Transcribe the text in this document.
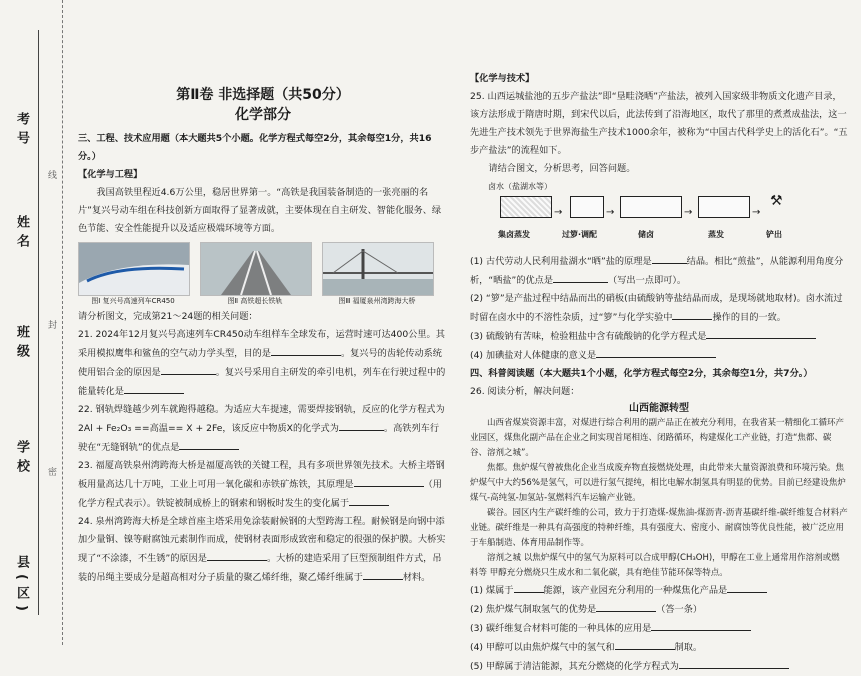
考号
姓名
班级
学校
县(区)
线
封
密
第Ⅱ卷 非选择题（共50分）
化学部分
三、工程、技术应用题（本大题共5个小题。化学方程式每空2分，其余每空1分，共16分。）
【化学与工程】
我国高铁里程近4.6万公里，稳居世界第一。“高铁是我国装备制造的一张亮丽的名片”复兴号动车组在科技创新方面取得了显著成就，主要体现在自主研发、智能化服务、绿色节能、安全性能提升以及适应极端环境等方面。
图Ⅰ 复兴号高速列车CR450	图Ⅱ 高铁超长铁轨	图Ⅲ 福厦泉州湾跨海大桥
请分析图文，完成第21～24题的相关问题：
21. 2024年12月复兴号高速列车CR450动车组样车全球发布，运营时速可达400公里。其采用模拟鹰隼和鲨鱼的空气动力学头型，目的是	。复兴号的齿轮传动系统使用铝合金的原因是	。复兴号采用自主研发的牵引电机，列车在行驶过程中的能量转化是
22. 钢轨焊缝越少列车就跑得越稳。为适应大车提速，需要焊接钢轨，反应的化学方程式为2Al + Fe₂O₃ ==高温== X + 2Fe，该反应中物质X的化学式为	。高铁列车行驶在“无缝钢轨”的优点是
23. 福厦高铁泉州湾跨海大桥是福厦高铁的关键工程，具有多项世界领先技术。大桥主塔钢板用量高达几十万吨，工业上可用一氧化碳和赤铁矿炼铁，其原理是	（用化学方程式表示）。铁锭被制成桥上的钢索和钢板时发生的变化属于
24. 泉州湾跨海大桥是全球首座主塔采用免涂装耐候钢的大型跨海工程。耐候钢是向钢中添加少量铜、镍等耐腐蚀元素制作而成，使钢材表面形成致密和稳定的很强的保护膜。大桥实现了“不涂漆，不生锈”的原因是	。大桥的建造采用了巨型预制组件方式，吊装的吊绳主要成分是超高相对分子质量的聚乙烯纤维，聚乙烯纤维属于	材料。
【化学与技术】
25. 山西运城盐池的五步产盐法”即“垦畦浇晒”产盐法，被列入国家级非物质文化遗产目录，该方法形成于隋唐时期，到宋代以后，此法传到了沿海地区，取代了那里的煮煮成盐法，这一先进生产技术领先于世界海盐生产技术1000余年，被称为“中国古代科学史上的活化石”。“五步产盐法”的流程如下。
请结合图文，分析思考，回答问题。
卤水（盐湖水等）
→	→	→	→
⚒
集卤蒸发	过箩·调配	储卤	蒸发	铲出
(1) 古代劳动人民利用盐湖水“晒”盐的原理是	结晶。相比“煎盐”，从能源利用角度分析，“晒盐”的优点是	（写出一点即可）。
(2) “箩”是产盐过程中结晶而出的硝板(由硫酸钠等盐结晶而成，是现场就地取材)。卤水流过时留在卤水中的不溶性杂质，过“箩”与化学实验中	操作的目的一致。
(3) 硫酸钠有苦味，检验粗盐中含有硫酸钠的化学方程式是
(4) 加碘盐对人体健康的意义是
四、科普阅读题（本大题共1个小题，化学方程式每空2分，其余每空1分，共7分。）
26. 阅读分析，解决问题：
山西能源转型
山西省煤炭资源丰富，对煤进行综合利用的副产品正在被充分利用，在我省某一精细化工循环产业园区，煤焦化副产品在企业之间实现首尾相连、闭路循环，构建煤化工产业链，打造“焦都、碳谷、溶剂之城”。
焦都。焦炉煤气曾被焦化企业当成废弃物直接燃烧处理，由此带来大量资源浪费和环境污染。焦炉煤气中大约56%是氢气，可以进行氢气提纯，相比电解水制氢具有明显的优势。目前已经建设焦炉煤气-高纯氢-加氢站-氢燃料汽车运输产业链。
碳谷。园区内生产碳纤维的公司，致力于打造煤-煤焦油-煤沥青-沥青基碳纤维-碳纤维复合材料产业链。碳纤维是一种具有高强度的特种纤维，具有强度大、密度小、耐腐蚀等优良性能，被广泛应用于车船制造、体育用品制作等。
溶剂之城 以焦炉煤气中的氢气为原料可以合成甲醇(CH₃OH)，甲醇在工业上通常用作溶剂或燃料等 甲醇充分燃烧只生成水和二氧化碳，具有绝佳节能环保等特点。
(1) 煤属于	能源，该产业园充分利用的一种煤焦化产品是
(2) 焦炉煤气制取氢气的优势是	（答一条）
(3) 碳纤维复合材料可能的一种具体的应用是
(4) 甲醇可以由焦炉煤气中的氢气和	制取。
(5) 甲醇属于清洁能源，其充分燃烧的化学方程式为
